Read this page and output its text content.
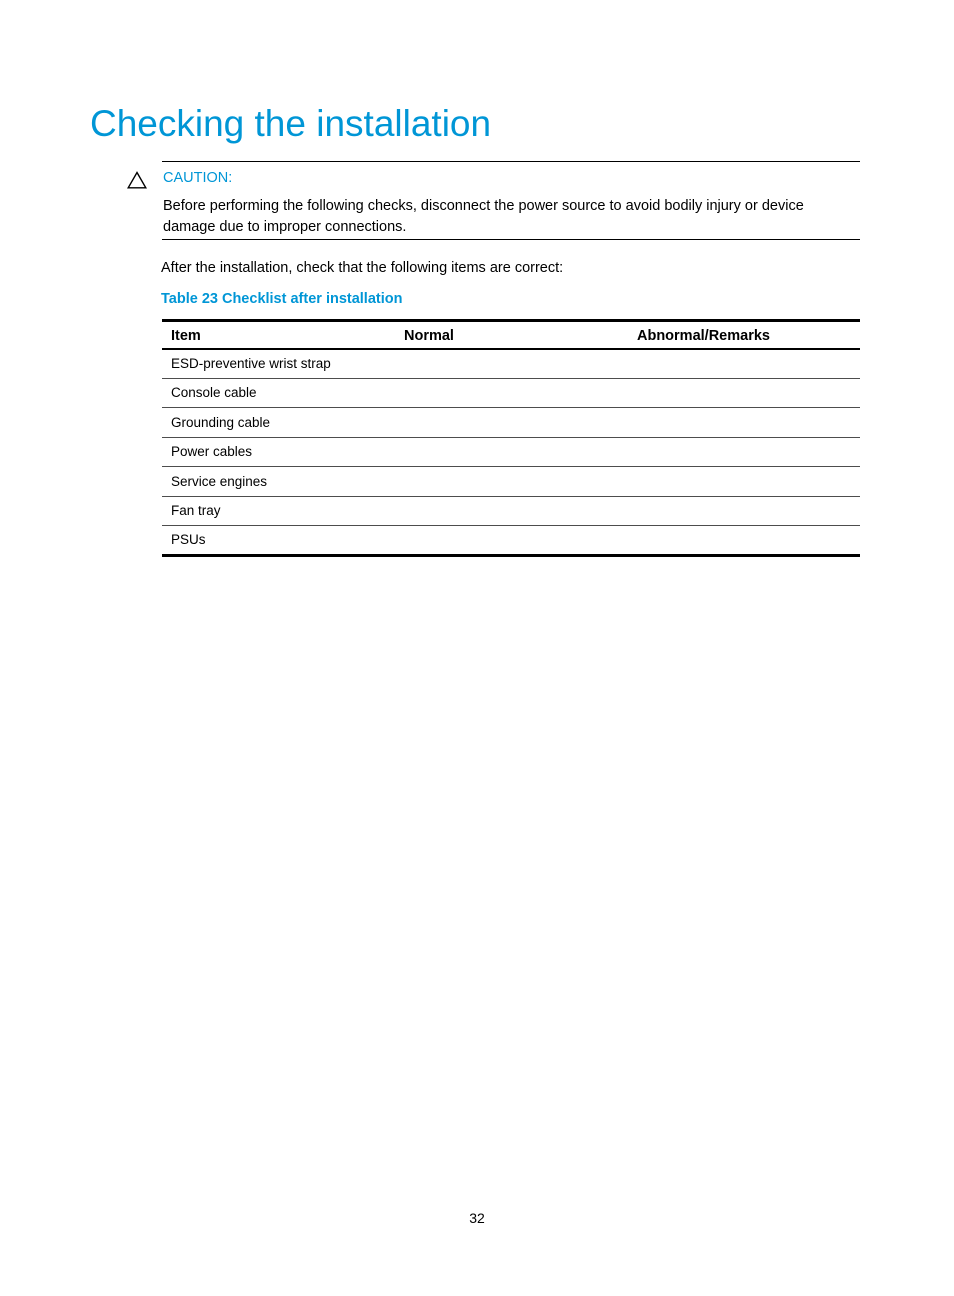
Checking the installation
CAUTION:
Before performing the following checks, disconnect the power source to avoid bodily injury or device damage due to improper connections.
After the installation, check that the following items are correct:
Table 23 Checklist after installation
Item	Normal	Abnormal/Remarks

ESD-preventive wrist strap		
Console cable		
Grounding cable		
Power cables		
Service engines		
Fan tray		
PSUs		
32
